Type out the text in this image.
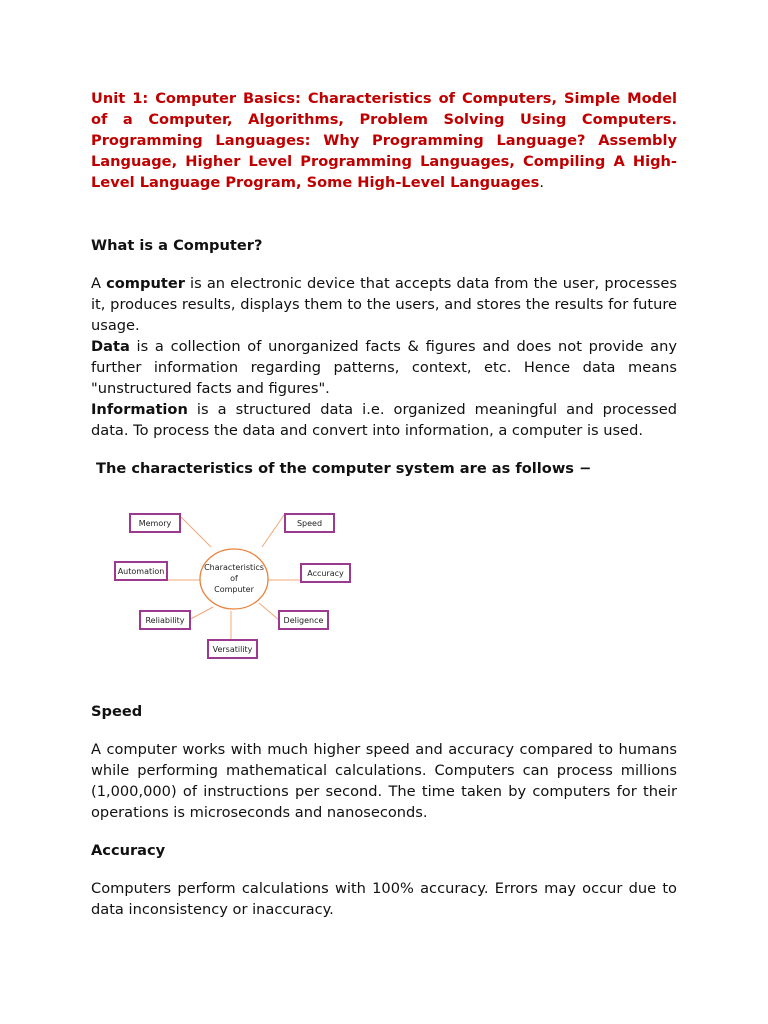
Unit 1: Computer Basics: Characteristics of Computers, Simple Model of a Computer, Algorithms, Problem Solving Using Computers. Programming Languages: Why Programming Language? Assembly Language, Higher Level Programming Languages, Compiling A High-Level Language Program, Some High-Level Languages.

What is a Computer?

A computer is an electronic device that accepts data from the user, processes it, produces results, displays them to the users, and stores the results for future usage.

Data is a collection of unorganized facts & figures and does not provide any further information regarding patterns, context, etc. Hence data means "unstructured facts and figures".

Information is a structured data i.e. organized meaningful and processed data. To process the data and convert into information, a computer is used.

The characteristics of the computer system are as follows −

Characteristics
of
Computer
Memory	Speed
Automation	Accuracy
Reliability	Deligence
Versatility

Speed

A computer works with much higher speed and accuracy compared to humans while performing mathematical calculations. Computers can process millions (1,000,000) of instructions per second. The time taken by computers for their operations is microseconds and nanoseconds.

Accuracy

Computers perform calculations with 100% accuracy. Errors may occur due to data inconsistency or inaccuracy.
